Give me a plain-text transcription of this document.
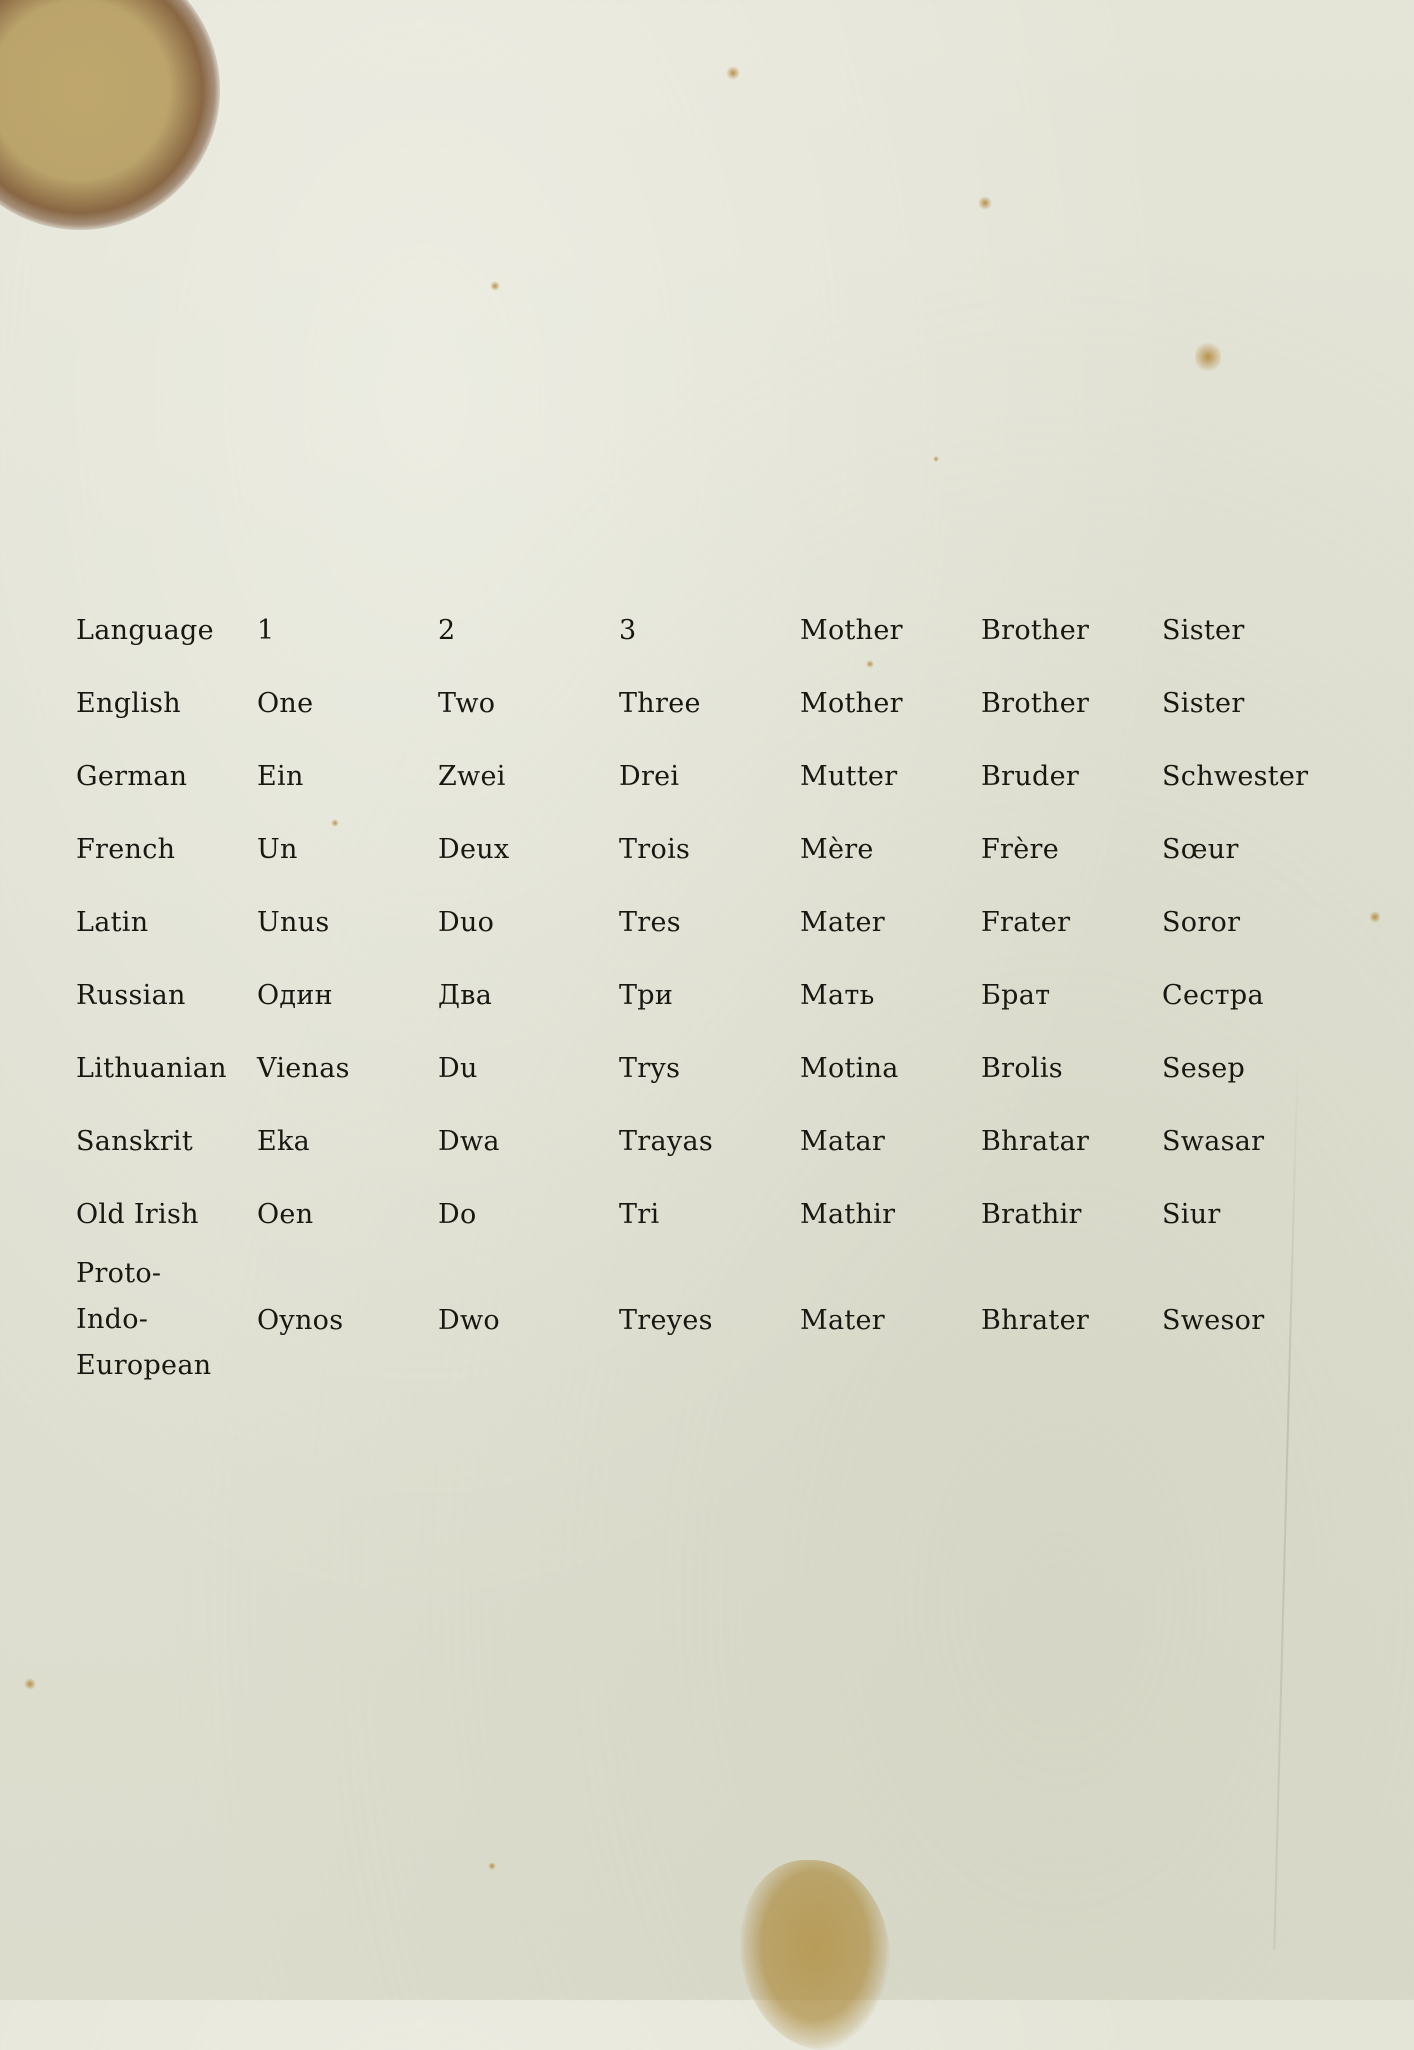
Language	1	2	3	Mother	Brother	Sister
English	One	Two	Three	Mother	Brother	Sister
German	Ein	Zwei	Drei	Mutter	Bruder	Schwester
French	Un	Deux	Trois	Mère	Frère	Sœur
Latin	Unus	Duo	Tres	Mater	Frater	Soror
Russian	Один	Два	Три	Мать	Брат	Сестра
Lithuanian	Vienas	Du	Trys	Motina	Brolis	Sesер
Sanskrit	Eka	Dwa	Trayas	Matar	Bhratar	Swasar
Old Irish	Oen	Do	Tri	Mathir	Brathir	Siur

Proto-Indo-European	Oynos	Dwo	Treyes	Mater	Bhrater	Swesor
